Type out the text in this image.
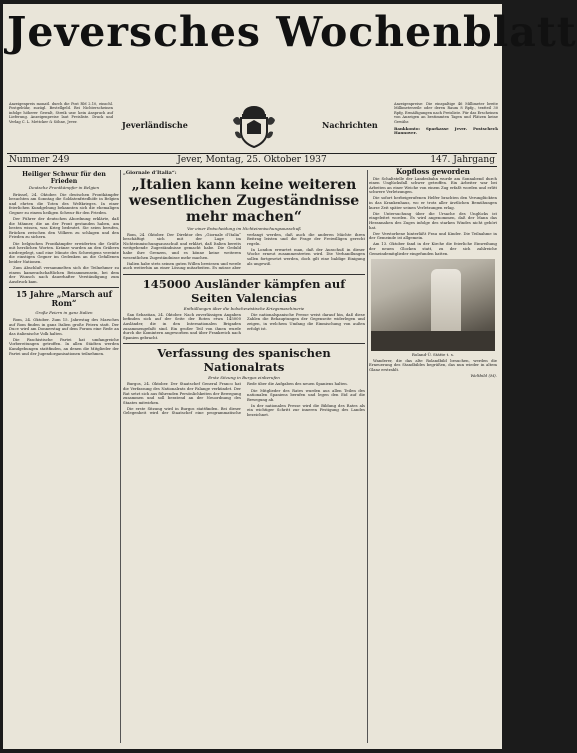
Jeversches Wochenblatt
Anzeigenpreis monatl. durch die Post RM 2.10, einschl. Postgebühr, zuzügl. Bestellgeld. Bei Nichterscheinen infolge höherer Gewalt, Streik usw. kein Anspruch auf Lieferung. Anzeigenpreise laut Preisliste. Druck und Verlag C. L. Mettcker & Söhne, Jever.	Jeverländische	Nachrichten
Anzeigenpreise: Die einspaltige 46 Millimeter breite Millimeterzeile oder deren Raum 8 Rpfg., textteil 30 Rpfg. Ermäßigungen nach Preisliste. Für das Erscheinen von Anzeigen an bestimmten Tagen und Plätzen keine Gewähr.
Bankkonto: Sparkasse Jever. Postscheck Hannover.
Nummer 249	Jever, Montag, 25. Oktober 1937	147. Jahrgang
Heiliger Schwur für den Frieden
Deutsche Frontkämpfer in Belgien

Brüssel, 24. Oktober. Die deutschen Frontkämpfer besuchten am Sonntag die Soldatenfriedhöfe in Belgien und ehrten die Toten des Weltkrieges. In einer feierlichen Kundgebung bekannten sich die ehemaligen Gegner zu einem heiligen Schwur für den Frieden.

Der Führer der deutschen Abordnung erklärte, daß die Männer, die an der Front gestanden haben, am besten wissen, was Krieg bedeutet. Sie seien berufen, Brücken zwischen den Völkern zu schlagen und den Frieden zu sichern.

Die belgischen Frontkämpfer erwiderten die Grüße mit herzlichen Worten. Kränze wurden an den Gräbern niedergelegt, und eine Minute des Schweigens vereinte die einstigen Gegner im Gedenken an die Gefallenen beider Nationen.

Zum Abschluß versammelten sich die Teilnehmer zu einem kameradschaftlichen Beisammensein, bei dem der Wunsch nach dauerhafter Verständigung zum Ausdruck kam.

15 Jahre „Marsch auf Rom“
Große Feiern in ganz Italien

Rom, 24. Oktober. Zum 15. Jahrestag des Marsches auf Rom finden in ganz Italien große Feiern statt. Der Duce wird am Donnerstag auf dem Forum eine Rede an das italienische Volk halten.

Die Faschistische Partei hat umfangreiche Vorbereitungen getroffen. In allen Städten werden Kundgebungen stattfinden, an denen die Mitglieder der Partei und der Jugendorganisationen teilnehmen.

„Giornale d’Italia“:
„Italien kann keine weiteren wesentlichen Zugeständnisse mehr machen“
Vor einer Entscheidung im Nichteinmischungsausschuß

Rom, 24. Oktober. Der Direktor des „Giornale d’Italia“ beschäftigt sich mit der Lage im Nichteinmischungsausschuß und erklärt, daß Italien bereits weitgehende Zugeständnisse gemacht habe. Die Geduld habe ihre Grenzen, und es könne keine weiteren wesentlichen Zugeständnisse mehr machen.

Italien habe stets seinen guten Willen bewiesen und werde auch weiterhin an einer Lösung mitarbeiten. Es müsse aber verlangt werden, daß auch die anderen Mächte ihren Beitrag leisten und die Frage der Freiwilligen gerecht regeln.

In London erwartet man, daß der Ausschuß in dieser Woche erneut zusammentreten wird. Die Verhandlungen sollen fortgesetzt werden, doch gilt eine baldige Einigung als ungewiß.

145000 Ausländer kämpfen auf Seiten Valencias
Enthüllungen über die bolschewistische Kriegsmaschinerie

San Sebastian, 24. Oktober. Nach zuverlässigen Angaben befinden sich auf der Seite der Roten etwa 145000 Ausländer, die in den Internationalen Brigaden zusammengefaßt sind. Ein großer Teil von ihnen wurde durch die Komintern angeworben und über Frankreich nach Spanien gebracht.

Die nationalspanische Presse weist darauf hin, daß diese Zahlen die Behauptungen der Gegenseite widerlegen und zeigen, in welchem Umfang die Einmischung von außen erfolgt ist.

Verfassung des spanischen Nationalrats
Erste Sitzung in Burgos einberufen

Burgos, 24. Oktober. Der Staatschef General Franco hat die Verfassung des Nationalrats der Falange verkündet. Der Rat setzt sich aus führenden Persönlichkeiten der Bewegung zusammen und soll beratend an der Neuordnung des Staates mitwirken.

Die erste Sitzung wird in Burgos stattfinden. Bei dieser Gelegenheit wird der Staatschef eine programmatische Rede über die Aufgaben des neuen Spaniens halten.

Die Mitglieder des Rates wurden aus allen Teilen des nationalen Spaniens berufen und legen den Eid auf die Bewegung ab.

In der nationalen Presse wird die Bildung des Rates als ein wichtiger Schritt zur inneren Festigung des Landes bezeichnet.

Kopfloss geworden

Die Schaltstelle der Landesbahn wurde am Sonnabend durch einen Unglücksfall schwer getroffen. Ein Arbeiter war bei Arbeiten an einer Weiche von einem Zug erfaßt worden und erlitt schwere Verletzungen.

Die sofort herbeigerufenen Helfer brachten den Verunglückten in das Krankenhaus, wo er trotz aller ärztlichen Bemühungen kurze Zeit später seinen Verletzungen erlag.

Die Untersuchung über die Ursache des Unglücks ist eingeleitet worden. Es wird angenommen, daß der Mann das Herannahen des Zuges infolge des starken Windes nicht gehört hat.

Der Verstorbene hinterläßt Frau und Kinder. Die Teilnahme in der Gemeinde ist allgemein.

Am 13. Oktober fand in der Kirche die feierliche Einweihung der neuen Glocken statt, zu der sich zahlreiche Gemeindemitglieder eingefunden hatten.

Roland-Ü. Stätte t. s.

Wanderer, die das alte Rolandbild besuchen, werden die Erneuerung des Standbildes begrüßen, das nun wieder in altem Glanz erstrahlt.

Weltbild (M).
